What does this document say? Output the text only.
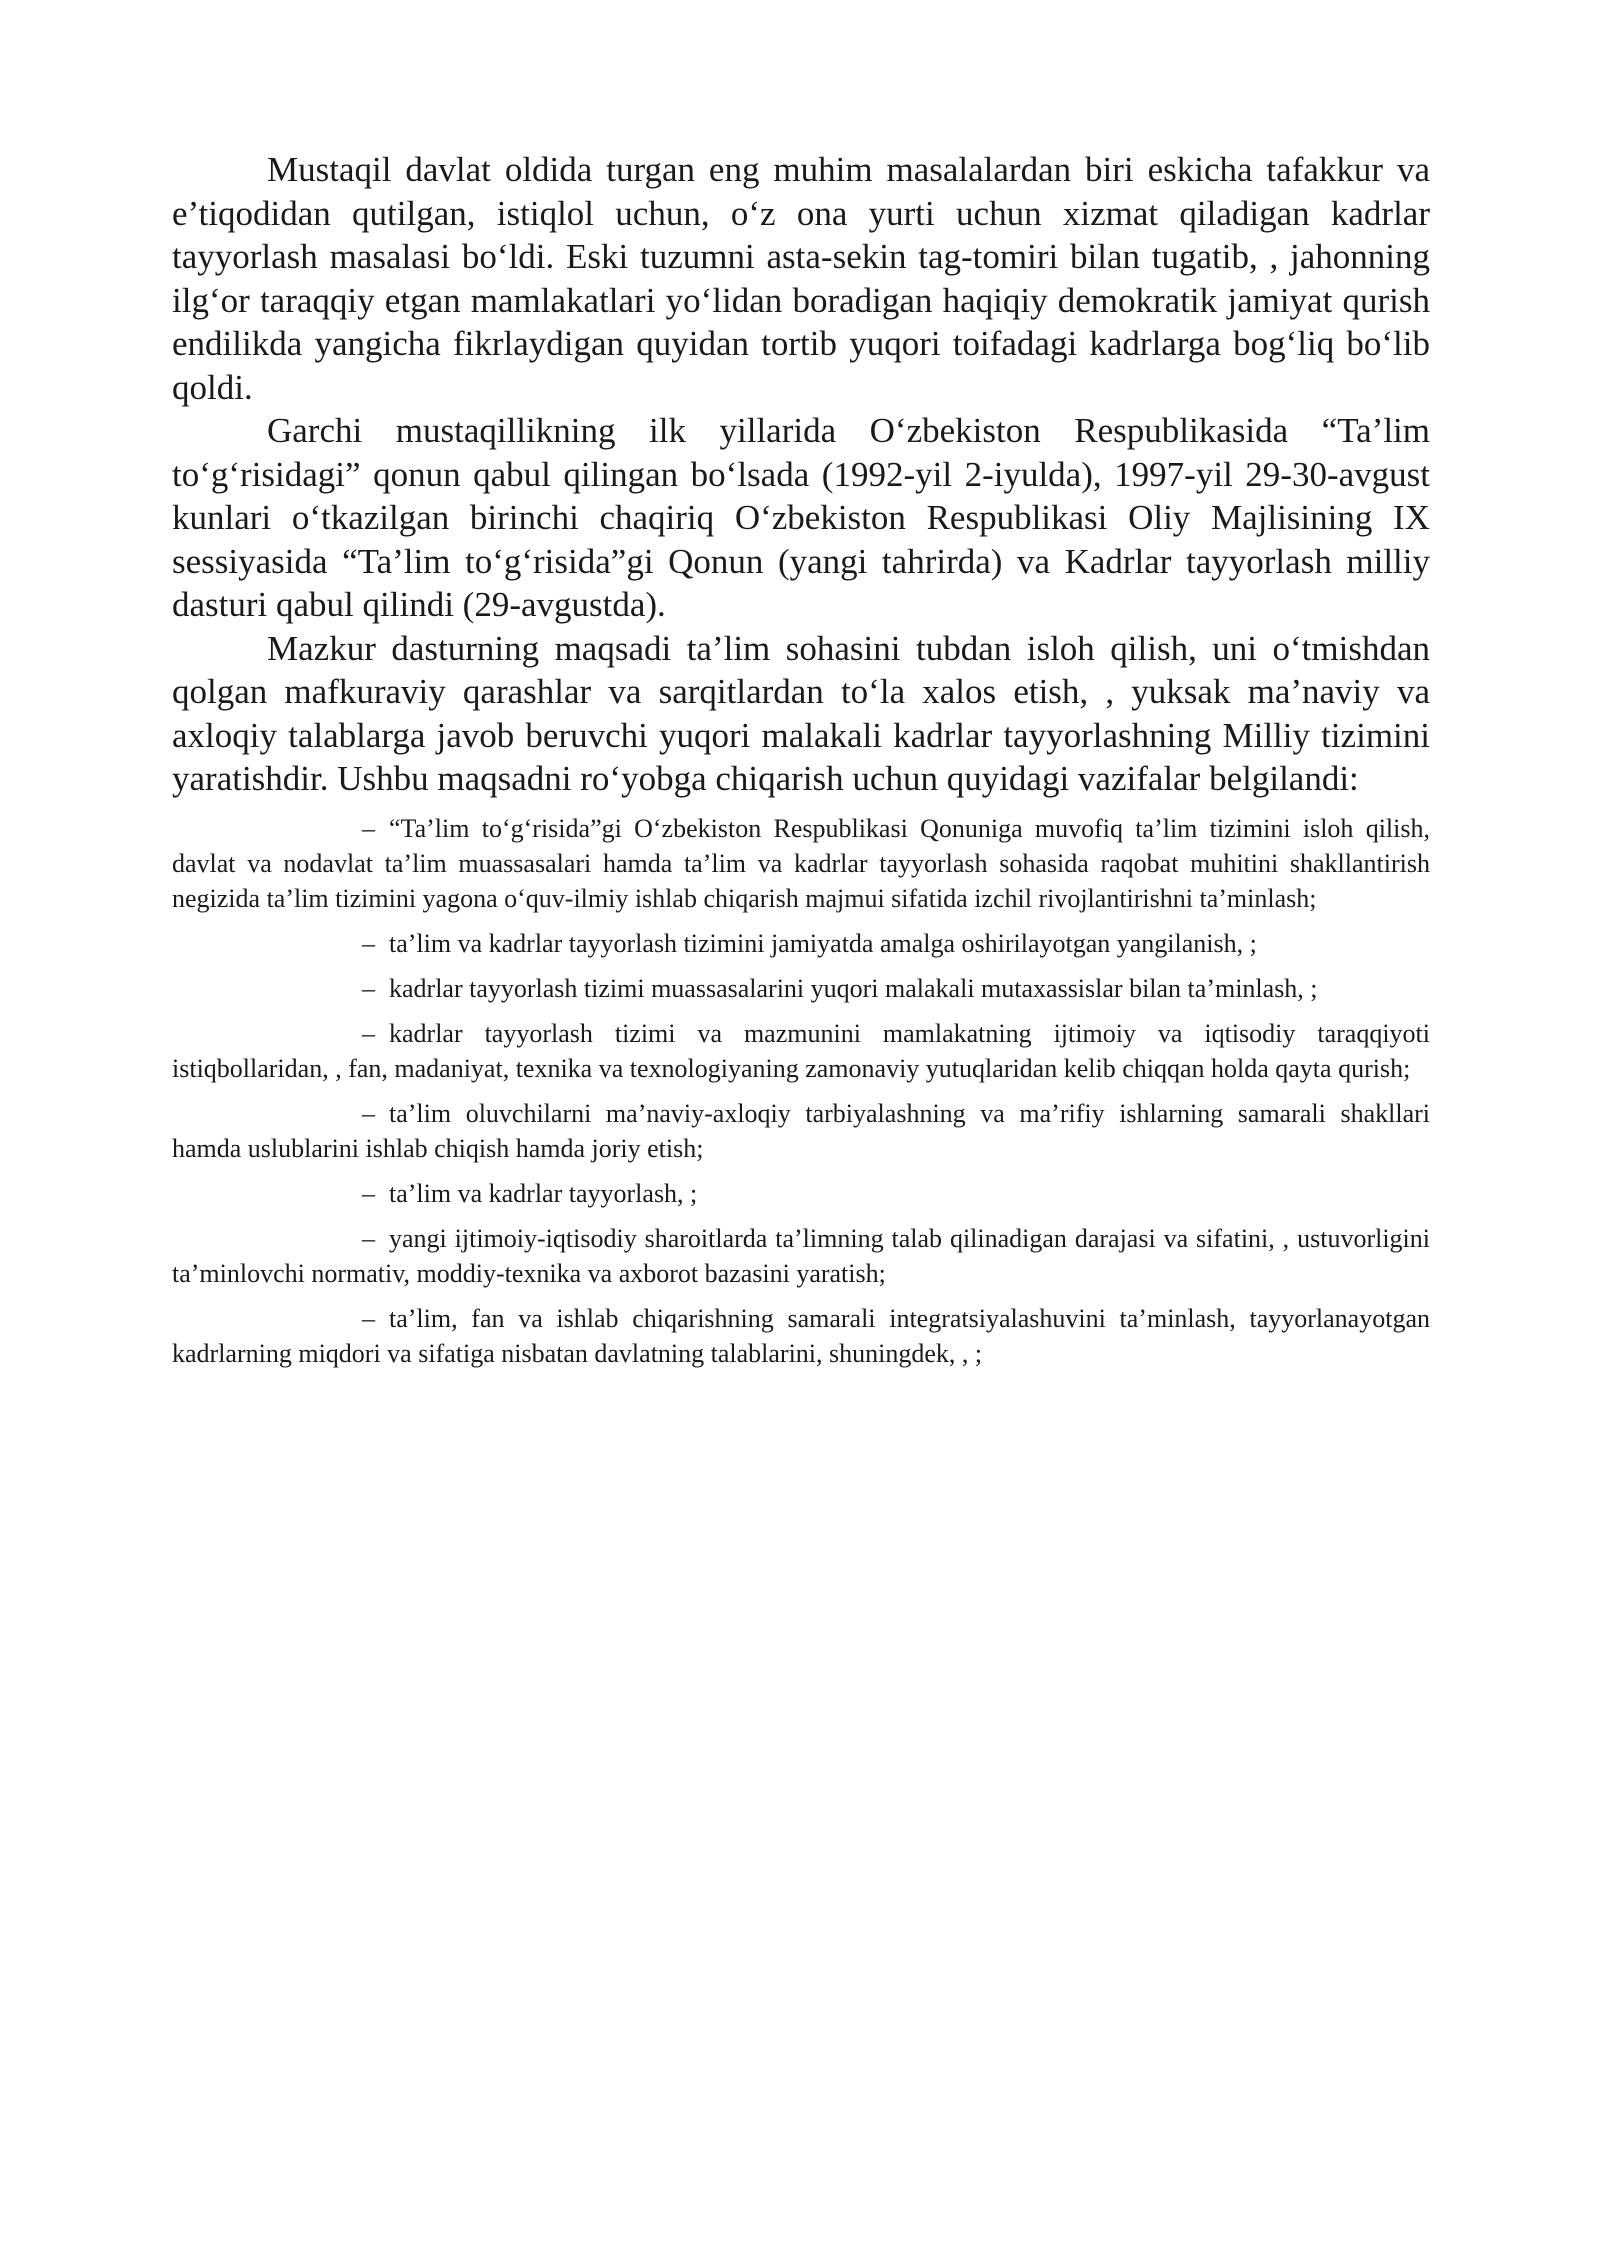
Mustaqil davlat oldida turgan eng muhim masalalardan biri eskicha tafakkur va e’tiqodidan qutilgan, istiqlol uchun, o‘z ona yurti uchun xizmat qiladigan kadrlar tayyorlash masalasi bo‘ldi. Eski tuzumni asta-sekin tag-tomiri bilan tugatib, , jahonning ilg‘or taraqqiy etgan mamlakatlari yo‘lidan boradigan haqiqiy demokratik jamiyat qurish endilikda yangicha fikrlaydigan quyidan tortib yuqori toifadagi kadrlarga bog‘liq bo‘lib qoldi.

Garchi mustaqillikning ilk yillarida O‘zbekiston Respublikasida “Ta’lim to‘g‘risidagi” qonun qabul qilingan bo‘lsada (1992-yil 2-iyulda), 1997-yil 29-30-avgust kunlari o‘tkazilgan birinchi chaqiriq O‘zbekiston Respublikasi Oliy Majlisining IX sessiyasida “Ta’lim to‘g‘risida”gi Qonun (yangi tahrirda) va Kadrlar tayyorlash milliy dasturi qabul qilindi (29-avgustda).

Mazkur dasturning maqsadi ta’lim sohasini tubdan isloh qilish, uni o‘tmishdan qolgan mafkuraviy qarashlar va sarqitlardan to‘la xalos etish, , yuksak ma’naviy va axloqiy talablarga javob beruvchi yuqori malakali kadrlar tayyorlashning Milliy tizimini yaratishdir. Ushbu maqsadni ro‘yobga chiqarish uchun quyidagi vazifalar belgilandi:

– “Ta’lim to‘g‘risida”gi O‘zbekiston Respublikasi Qonuniga muvofiq ta’lim tizimini isloh qilish, davlat va nodavlat ta’lim muassasalari hamda ta’lim va kadrlar tayyorlash sohasida raqobat muhitini shakllantirish negizida ta’lim tizimini yagona o‘quv-ilmiy ishlab chiqarish majmui sifatida izchil rivojlantirishni ta’minlash;

– ta’lim va kadrlar tayyorlash tizimini jamiyatda amalga oshirilayotgan yangilanish, ;

– kadrlar tayyorlash tizimi muassasalarini yuqori malakali mutaxassislar bilan ta’minlash, ;

– kadrlar tayyorlash tizimi va mazmunini mamlakatning ijtimoiy va iqtisodiy taraqqiyoti istiqbollaridan, , fan, madaniyat, texnika va texnologiyaning zamonaviy yutuqlaridan kelib chiqqan holda qayta qurish;

– ta’lim oluvchilarni ma’naviy-axloqiy tarbiyalashning va ma’rifiy ishlarning samarali shakllari hamda uslublarini ishlab chiqish hamda joriy etish;

– ta’lim va kadrlar tayyorlash, ;

– yangi ijtimoiy-iqtisodiy sharoitlarda ta’limning talab qilinadigan darajasi va sifatini, , ustuvorligini ta’minlovchi normativ, moddiy-texnika va axborot bazasini yaratish;

– ta’lim, fan va ishlab chiqarishning samarali integratsiyalashuvini ta’minlash, tayyorlanayotgan kadrlarning miqdori va sifatiga nisbatan davlatning talablarini, shuningdek, , ;
